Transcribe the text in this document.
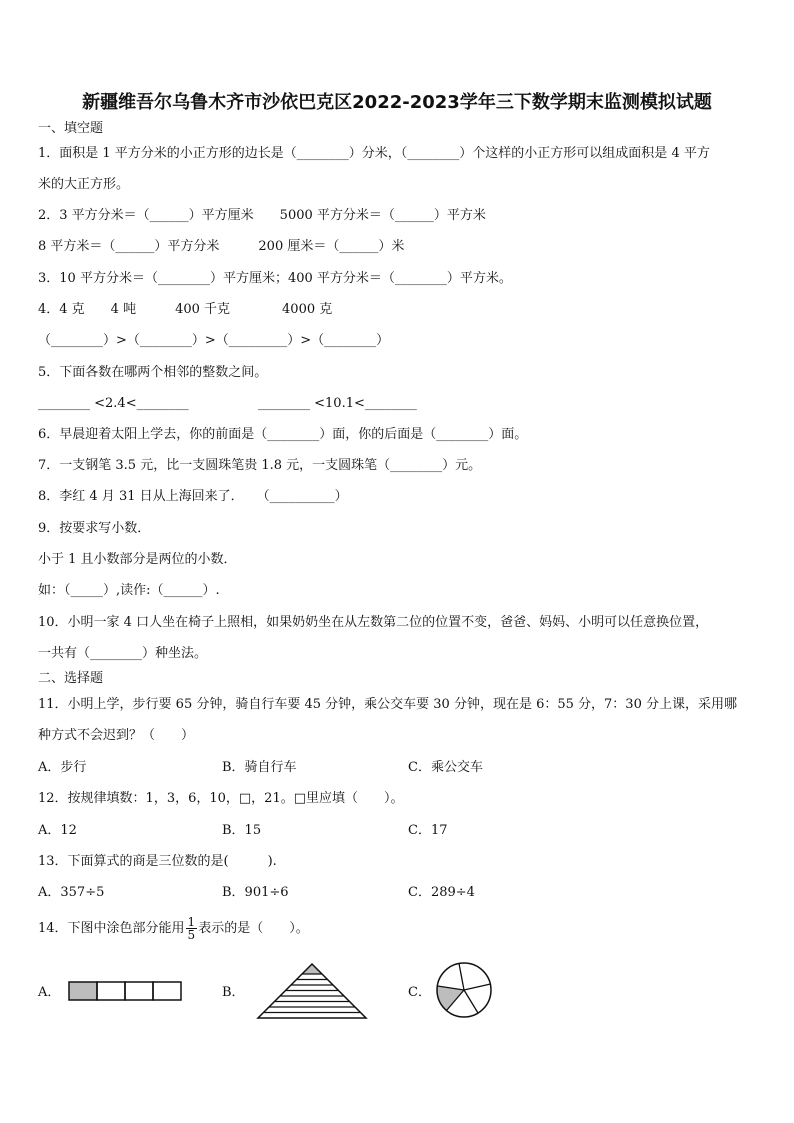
新疆维吾尔乌鲁木齐市沙依巴克区2022-2023学年三下数学期末监测模拟试题
一、填空题
1．面积是 1 平方分米的小正方形的边长是（________）分米，（________）个这样的小正方形可以组成面积是 4 平方
米的大正方形。
2．3 平方分米＝（______）平方厘米　　5000 平方分米＝（______）平方米
8 平方米＝（______）平方分米　　　200 厘米＝（______）米
3．10 平方分米＝（________）平方厘米；400 平方分米＝（________）平方米。
4．4 克　　4 吨　　　400 千克　　　　4000 克
（________）>（________）>（_________）>（________）
5．下面各数在哪两个相邻的整数之间。
________ <2.4<________	________ <10.1<________
6．早晨迎着太阳上学去，你的前面是（________）面，你的后面是（________）面。
7．一支钢笔 3.5 元，比一支圆珠笔贵 1.8 元，一支圆珠笔（________）元。
8．李红 4 月 31 日从上海回来了．　　（__________）
9．按要求写小数．
小于 1 且小数部分是两位的小数．
如：（_____）,读作:（______）.
10．小明一家 4 口人坐在椅子上照相，如果奶奶坐在从左数第二位的位置不变，爸爸、妈妈、小明可以任意换位置，
一共有（________）种坐法。
二、选择题
11．小明上学，步行要 65 分钟，骑自行车要 45 分钟，乘公交车要 30 分钟，现在是 6：55 分，7：30 分上课，采用哪
种方式不会迟到？（　　）
A．步行	B．骑自行车	C．乘公交车
12．按规律填数：1，3，6，10，□，21。□里应填（　　）。
A．12	B．15	C．17
13．下面算式的商是三位数的是(　　　).
A．357÷5	B．901÷6	C．289÷4
14．下图中涂色部分能用 $\frac{1}{5}$ 表示的是（　　）。
A．	B．	C．
